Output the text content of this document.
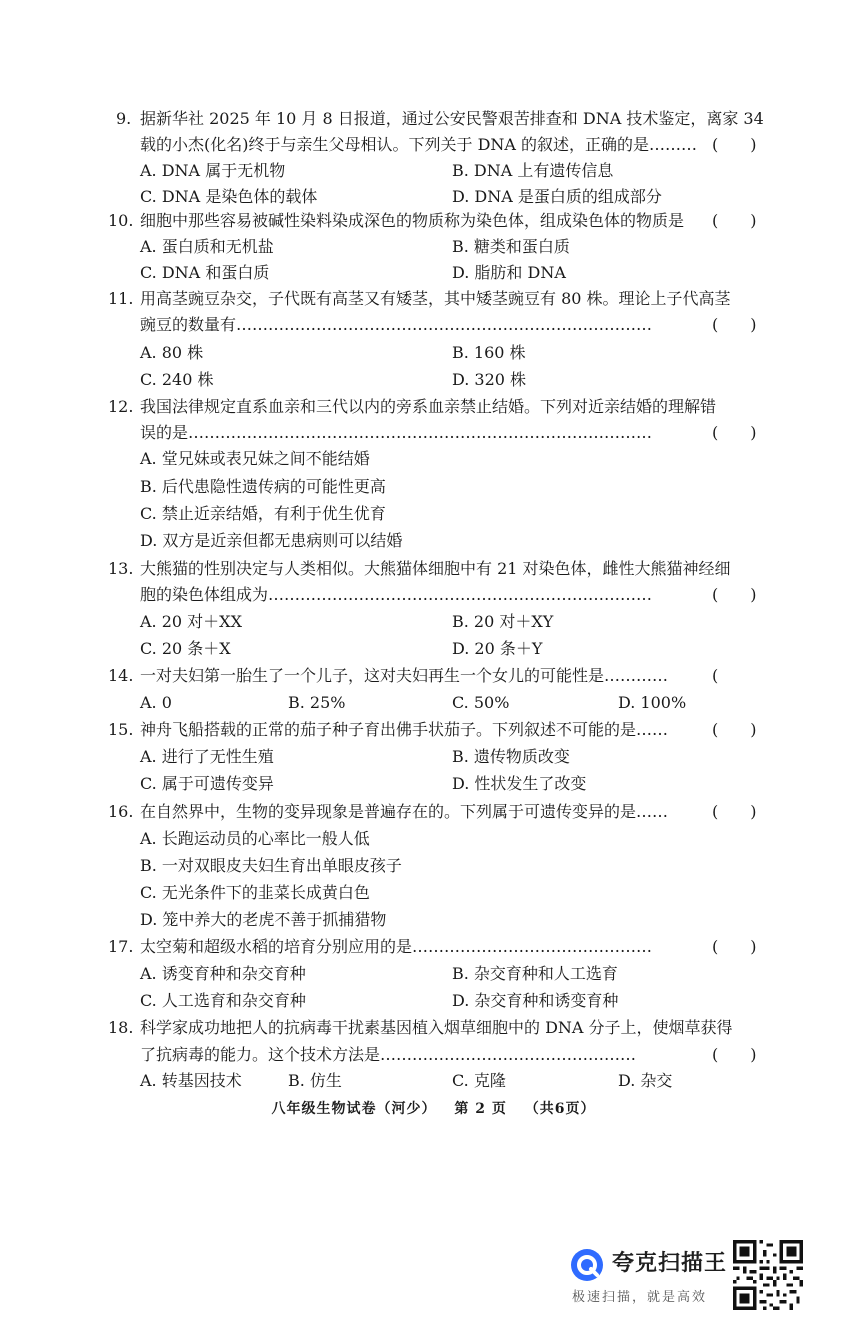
9. 据新华社 2025 年 10 月 8 日报道，通过公安民警艰苦排查和 DNA 技术鉴定，离家 34
载的小杰(化名)终于与亲生父母相认。下列关于 DNA 的叙述，正确的是……… (　　)
A. DNA 属于无机物	B. DNA 上有遗传信息
C. DNA 是染色体的载体	D. DNA 是蛋白质的组成部分
10. 细胞中那些容易被碱性染料染成深色的物质称为染色体，组成染色体的物质是 (　　)
A. 蛋白质和无机盐	B. 糖类和蛋白质
C. DNA 和蛋白质	D. 脂肪和 DNA
11. 用高茎豌豆杂交，子代既有高茎又有矮茎，其中矮茎豌豆有 80 株。理论上子代高茎
豌豆的数量有……………………………………………………………………	(　　)
A. 80 株	B. 160 株
C. 240 株	D. 320 株
12. 我国法律规定直系血亲和三代以内的旁系血亲禁止结婚。下列对近亲结婚的理解错
误的是……………………………………………………………………………	(　　)
A. 堂兄妹或表兄妹之间不能结婚
B. 后代患隐性遗传病的可能性更高
C. 禁止近亲结婚，有利于优生优育
D. 双方是近亲但都无患病则可以结婚
13. 大熊猫的性别决定与人类相似。大熊猫体细胞中有 21 对染色体，雌性大熊猫神经细
胞的染色体组成为………………………………………………………………	(　　)
A. 20 对＋XX	B. 20 对＋XY
C. 20 条＋X	D. 20 条＋Y
14. 一对夫妇第一胎生了一个儿子，这对夫妇再生一个女儿的可能性是…………	(
A. 0	B. 25%	C. 50%	D. 100%
15. 神舟飞船搭载的正常的茄子种子育出佛手状茄子。下列叙述不可能的是……	(　　)
A. 进行了无性生殖	B. 遗传物质改变
C. 属于可遗传变异	D. 性状发生了改变
16. 在自然界中，生物的变异现象是普遍存在的。下列属于可遗传变异的是……	(　　)
A. 长跑运动员的心率比一般人低
B. 一对双眼皮夫妇生育出单眼皮孩子
C. 无光条件下的韭菜长成黄白色
D. 笼中养大的老虎不善于抓捕猎物
17. 太空菊和超级水稻的培育分别应用的是………………………………………	(　　)
A. 诱变育种和杂交育种	B. 杂交育种和人工选育
C. 人工选育和杂交育种	D. 杂交育种和诱变育种
18. 科学家成功地把人的抗病毒干扰素基因植入烟草细胞中的 DNA 分子上，使烟草获得
了抗病毒的能力。这个技术方法是…………………………………………	(　　)
A. 转基因技术	B. 仿生	C. 克隆	D. 杂交
八年级生物试卷（河少） 第 2 页 （共6页）
夸克扫描王
极速扫描，就是高效
